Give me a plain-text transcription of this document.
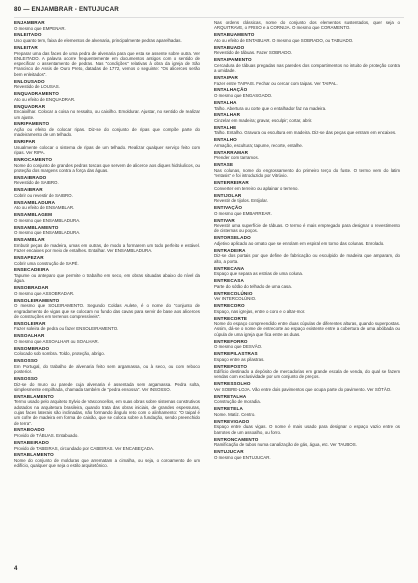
80 — ENJAMBRAR - ENTUJUCAR
ENJAMBRAR
O mesmo que EMPENAR.
ENLEITADO
Uso quanto tem, faixa de elementos de alvenaria, principalmente pedras aparelhadas.
ENLEITAR
Preparar uma das faces de uma pedra de alvenaria para que esta se assente sobre outra. Ver ENLEITADO. A palavra ocorre frequentemente em documentos antigos com o sentido de especificar o assentamento de pedras. Nas "condições" relativas à obra da igreja de São Francisco de Assis de Ouro Preto, datadas de 1772, vemos o seguinte: "Os alicerces serão bem enleitados".
ENLOUSADO
Revestido de LOUSAS.
ENQUADRAMENTO
Ato ou efeito de ENQUADRAR.
ENQUADRAR
Encaixilhar. Colocar a coisa no ressalto, ou caixilho. Emoldurar. Ajustar, no sentido de realizar um ajuste.
ENRIPAMENTO
Ação ou efeito de colocar ripas. Diz-se do conjunto de ripas que compõe parte do madeiramento de um telhado.
ENRIPAR
Usualmente colocar o sistema de ripas de um telhado. Realizar qualquer serviço feito com ripas. Ver RIPA.
ENROCAMENTO
Nome do conjunto de grandes pedras toscas que servem de alicerce aos diques hidráulicos, ou proteção dos margens contra a força das águas.
ENSAIBRADO
Revestido de SAIBRO.
ENSAIBRAR
Cobrir ou revestir de SAIBRO.
ENSAMBLADURA
Ato ou efeito de ENSAMBLAR.
ENSAMBLAGEM
O mesmo que ENSAMBLADURA.
ENSAMBLAMENTO
O mesmo que ENSAMBLADURA.
ENSAMBLAR
Embutir peças de madeira, umas em outras, de modo a formarem um todo perfeito e estável. Fazer encaixes por meio de entalhes. Entalhar. Ver ENSAMBLADURA.
ENSAPEZAR
Cobrir uma construção de SAPÉ.
ENSECADEIRA
Tapume ou anteparo que permite o trabalho em seco, em obras situadas abaixo do nível da água.
ENSOBRADAR
O mesmo que ASSOBRADAR.
ENSOLEIRAMENTO
O mesmo que SOLEIRAMENTO. Segundo Coldas Aulete, é o nome do "conjunto de engradamento de vigas que se colocam no fundo das cavas para servir de base aos alicerces de construções em terrenos compressíveis".
ENSOLEIRAR
Fazer soleira de pedra ou fazer ENSOLEIRAMENTO.
ENSOALHAR
O mesmo que ASSOALHAR ou SOALHAR.
ENSOMBRADO
Colocado sob sombra. Toldo, proteção, abrigo.
ENSOSSO
Em Portugal, do trabalho de alvenaria feito sem argamassa, ou à seco, ou com reboco posterior.
ENSOSSO
Diz-se do muro ou parede cuja alvenaria é assentada sem argamassa. Pedra solta, simplesmente empilhada, chamada também de "pedra ensossa". Ver INSOSSO.
ENTABLAMENTO
Termo usado pelo arquiteto Sylvio de Vasconcellos, em suas obras sobre sistemas construtivos adotados na arquitetura brasileira, quando trata das obras iniciais, de grandes espessuras, cujas faces laterais são inclinadas, não formando ângulo reto com o alinhamento: "O taipal é um cofre de madeira em forma de caixão, que se coloca sobre a fundação, sendo preenchido de terra".
ENTABOADO
Provido de TÁBUAS. Entabuado.
ENTABEIRADO
Provido de TABEIRAS, circundado por CABEIRAS. Ver ENCABEÇADA.
ENTABLAMENTO
Nome do conjunto de molduras que arrematam a cimalha, ou seja, o coroamento de um edifício, qualquer que seja o estilo arquitetônico.
Nas ordens clássicas, nome do conjunto dos elementos sustentados, quer seja o ARQUITRAVE, o FRISO e a CORNIJA. O mesmo que CORAMENTO.
ENTABUAMENTO
Ato ou efeito de ENTABUAR. O mesmo que SOBRADO, ou TABUADO.
ENTABUADO
Revestido de tábuas. Fazer SOBRADO.
ENTAIPAMENTO
Cercadura de tábuas pregadas nas paredes dos compartimentos no intuito de proteção contra a umidade.
ENTAIPAR
Fazer entre TAIPAIS. Fechar ou cercar com taipas. Ver TAIPAL.
ENTALHAÇÃO
O mesmo que ENGASGADO.
ENTALHA
Talho. Abertura ou corte que o entalhador faz na madeira.
ENTALHAR
Cinzelar em madeira; gravar, esculpir; cortar, abrir.
ENTALHE
Talho. Entalho. Gravura ou escultura em madeira. Diz-se das peças que entram em encaixes.
ENTALHO
Armação, escultura; tapume, recorte, entalhe.
ENTARRAMAR
Prender com tarramos.
ENTASE
Nas colunas, nome do engrossamento do primeiro terço do fuste. O termo vem do latim "entasis" e foi introduzido por Vitrúvio.
ENTERREIRAR
Converter em terreiro ou aplainar o terreno.
ENTIJOLAR
Revestir de tijolos. Entijolar.
ENTIVAÇÃO
O mesmo que EMBARREAR.
ENTIVAR
Revestir uma superfície de tábuas. O termo é mais empregado para designar o revestimento de cisternas ou poços.
ENTORSELADO
Adjetivo aplicado ao ornato que se enrolam em espiral em torno das colunas. Enrolado.
ENTRADEIRA
Diz-se dos portais por que define de fabricação ou esculpido de madeira que amparam, do alto, a porta.
ENTRECANA
Espaço que separa as estrias de uma coluna.
ENTRECASA
Parte do sótão do telhado de uma casa.
ENTRECOLÚNIO
Ver INTERCOLÚNIO.
ENTRECORO
Espaço, nas igrejas, entre o coro e o altar-mor.
ENTRECORTE
Nome do espaço compreendido entre duas cúpulas de diferentes alturas, quando superpostas. Assim, dá-se o nome de entrecorte ao espaço existente entre a cobertura de uma abóbada ou cúpula de uma igreja que fica entre as duas.
ENTREFORRO
O mesmo que DESVÃO.
ENTREPILASTRAS
Espaço entre as pilastras.
ENTREPOSTO
Edifício destinado a depósito de mercadorias em grande escala de venda, do qual se fazem vendas com exclusividade por um conjunto de preços.
ENTRESSOLHO
Ver SOBRE-LOJA. Vão entre dois pavimentos que ocupa parte do pavimento. Ver SÓTÃO.
ENTRETALHA
Construção de moradia.
ENTRETELA
Nome. Matiz. Centro.
ENTREVIGADO
Espaço entre duas vigas. O nome é mais usado para designar o espaço vazio entre os barrotes de um assoalho, ou forro.
ENTRONCAMENTO
Ramificação de tubos numa canalização de gás, água, etc. Ver TAUBOS.
ENTUJUCAR
O mesmo que ENTUJUCAR.
4
